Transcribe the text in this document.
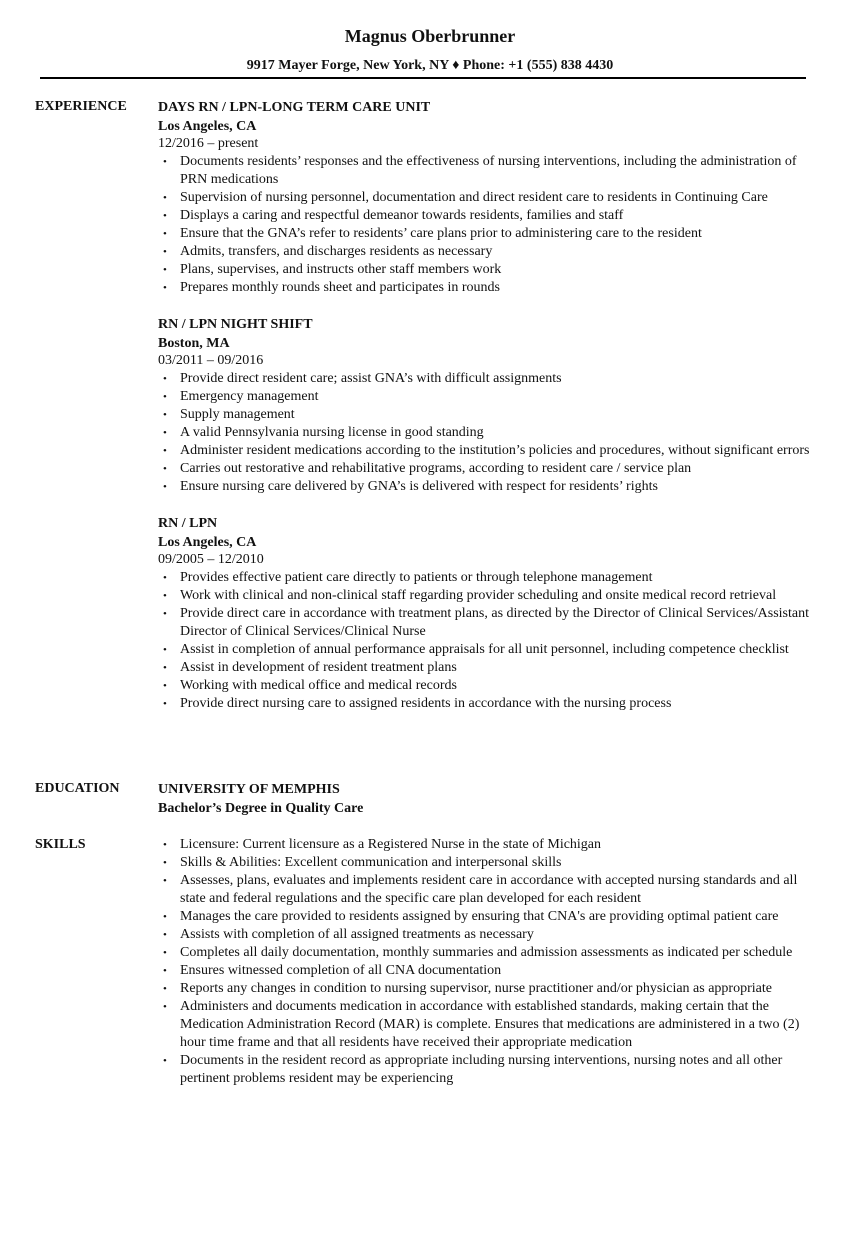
Magnus Oberbrunner
9917 Mayer Forge, New York, NY ♦ Phone: +1 (555) 838 4430
EXPERIENCE DAYS RN / LPN-LONG TERM CARE UNIT
Los Angeles, CA
12/2016 – present
• Documents residents’ responses and the effectiveness of nursing interventions, including the administration of PRN medications
• Supervision of nursing personnel, documentation and direct resident care to residents in Continuing Care
• Displays a caring and respectful demeanor towards residents, families and staff
• Ensure that the GNA’s refer to residents’ care plans prior to administering care to the resident
• Admits, transfers, and discharges residents as necessary
• Plans, supervises, and instructs other staff members work
• Prepares monthly rounds sheet and participates in rounds
RN / LPN NIGHT SHIFT
Boston, MA
03/2011 – 09/2016
• Provide direct resident care; assist GNA’s with difficult assignments
• Emergency management
• Supply management
• A valid Pennsylvania nursing license in good standing
• Administer resident medications according to the institution’s policies and procedures, without significant errors
• Carries out restorative and rehabilitative programs, according to resident care / service plan
• Ensure nursing care delivered by GNA’s is delivered with respect for residents’ rights
RN / LPN
Los Angeles, CA
09/2005 – 12/2010
• Provides effective patient care directly to patients or through telephone management
• Work with clinical and non-clinical staff regarding provider scheduling and onsite medical record retrieval
• Provide direct care in accordance with treatment plans, as directed by the Director of Clinical Services/Assistant Director of Clinical Services/Clinical Nurse
• Assist in completion of annual performance appraisals for all unit personnel, including competence checklist
• Assist in development of resident treatment plans
• Working with medical office and medical records
• Provide direct nursing care to assigned residents in accordance with the nursing process
EDUCATION	UNIVERSITY OF MEMPHIS
Bachelor’s Degree in Quality Care
SKILLS	• Licensure: Current licensure as a Registered Nurse in the state of Michigan
• Skills & Abilities: Excellent communication and interpersonal skills
• Assesses, plans, evaluates and implements resident care in accordance with accepted nursing standards and all state and federal regulations and the specific care plan developed for each resident
• Manages the care provided to residents assigned by ensuring that CNA's are providing optimal patient care
• Assists with completion of all assigned treatments as necessary
• Completes all daily documentation, monthly summaries and admission assessments as indicated per schedule
• Ensures witnessed completion of all CNA documentation
• Reports any changes in condition to nursing supervisor, nurse practitioner and/or physician as appropriate
• Administers and documents medication in accordance with established standards, making certain that the Medication Administration Record (MAR) is complete. Ensures that medications are administered in a two (2) hour time frame and that all residents have received their appropriate medication
• Documents in the resident record as appropriate including nursing interventions, nursing notes and all other pertinent problems resident may be experiencing
